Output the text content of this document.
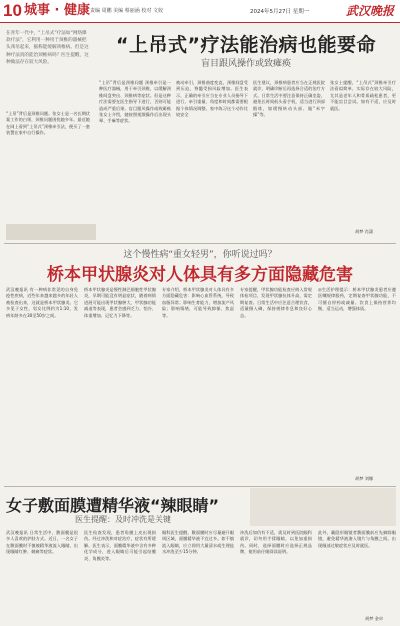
10 城事 · 健康 责编 周鹏 美编 蔡丽涵 校对 文姣	2024年5月27日 星期一	武汉晚报
在青年一代中，“上吊式”疗法如“网络爆款疗法”，它利用一种用于颈椎的器械把头颈吊起来，据称能缓解颈椎病。但是这种疗法真的能治颈椎病吗？医生提醒，这种做法存在较大风险。
“上吊式”疗法能治病也能要命
盲目跟风操作或致瘫痪
“上吊”背后是颈椎问题 颈椎牵引是一种医疗器械，用于牵引颈椎，以缓解颈椎间盘突出、颈椎病等症状。但是这种疗法需要在医生指导下进行，否则可能造成严重后果。盲目跟风操作或致瘫痪 张女士介绍，她按照视频操作后出现头晕、手麻等症状。
被动牵引，颈椎曲度变直，颈椎间盘受到压迫，脊髓受损风险增加。医生表示，正确的牵引应当在专业人员指导下进行，牵引重量、角度和时间都需要根据个体情况调整。家中练习这个动作比较安全
医生建议，颈椎病患者应当在正规医院就诊，明确诊断后再选择合适的治疗方式。日常生活中要注意保持正确坐姿，避免长时间低头看手机，适当进行颈部锻炼，如缓慢转动头部、做“米字操”等。
张女士提醒，“上吊式”颈椎牵引疗法看似简单，实际存在较大风险，尤其是老年人和骨质疏松患者，更不能盲目尝试。如有不适，应及时就医。
“上吊”背后是颈椎问题。张女士是一名长期伏案工作的白领，颈椎问题困扰她多年。最近她在网上看到“上吊式”颈椎牵引法，便买了一套装置在家中自行操作。
胡梦 肖潇
这个慢性病“重女轻男”，你听说过吗？
桥本甲状腺炎对人体具有多方面隐藏危害
武汉晚报讯 有一种病非常见的自身免疫性疾病，近些年来越来越多的年轻人被检查出来，这就是桥本甲状腺炎。它多见于女性，男女比例约为1:10，发病年龄多在30至50岁之间。
桥本甲状腺炎是慢性淋巴细胞性甲状腺炎，早期可能没有明显症状，随着病情进展可能出现甲状腺肿大、甲状腺功能减退等表现，患者会感到乏力、怕冷、体重增加、记忆力下降等。
专家介绍，桥本甲状腺炎对人体具有多方面隐藏危害：影响心血管系统，导致血脂异常；影响生育能力，增加流产风险；影响情绪，可能导致抑郁、焦虑等。
专家提醒，甲状腺功能检查应纳入常规体检项目，发现甲状腺抗体升高，需定期复查。日常生活中应注意合理饮食，适量摄入碘，保持规律作息和良好心态。
◎生活护理提示：桥本甲状腺炎患者应遵医嘱规律服药，定期复查甲状腺功能，不可擅自停药或减量。饮食上保持营养均衡，适当运动，增强体质。
胡梦 刘娜
女子敷面膜遭精华液“辣眼睛”
医生提醒：及时冲洗是关键
武汉晚报讯 日常生活中，敷面膜是很多人喜欢的护肤方式。近日，一名女子在敷面膜时不慎被精华液流入眼睛，出现眼睛红肿、刺痛等症状。
医生检查发现，患者角膜上皮出现损伤。经过冲洗和对症治疗，症状有所缓解。医生表示，面膜精华液中含有多种化学成分，进入眼睛后可能引起结膜炎、角膜炎等。
眼科医生提醒，敷面膜时应尽量避开眼周区域，面膜精华液不宜过多。如不慎流入眼睛，应立即用大量清水或生理盐水冲洗至少15分钟。
冲洗后如仍有不适，需及时到医院眼科就诊，切勿用手揉眼睛，以免加重损伤。同时，选择面膜时应选择正规品牌，使用前仔细阅读说明。
此外，戴隐形眼镜者敷面膜前应先摘除眼镜，避免精华液渗入镜片与角膜之间。出现眼部过敏症状应及时就医。
胡梦 金卓
